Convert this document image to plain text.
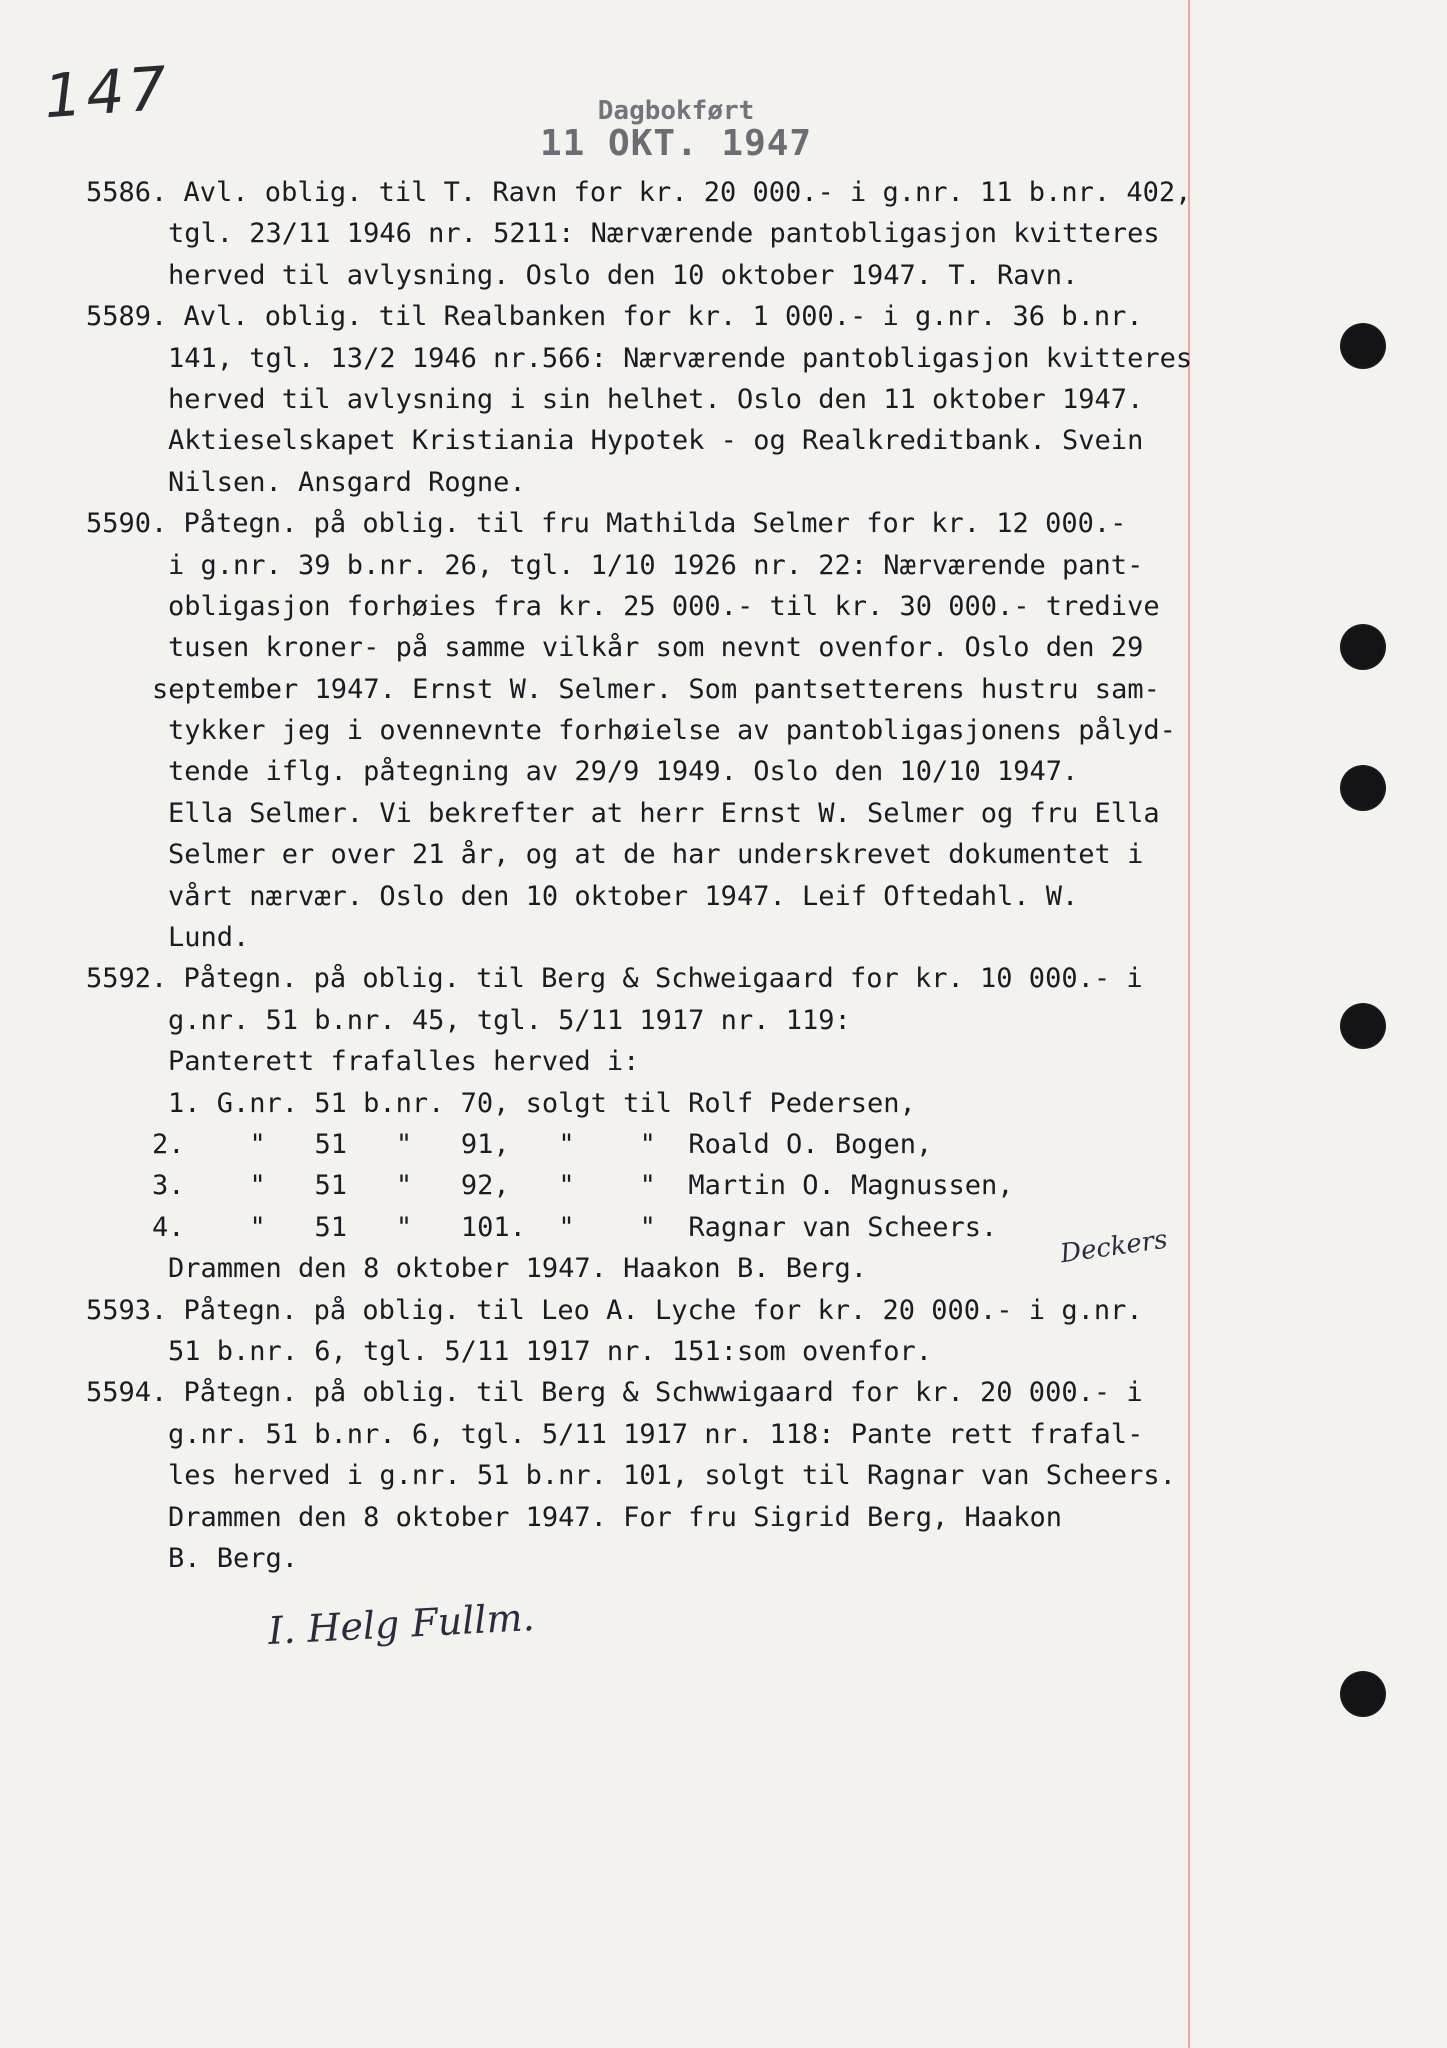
147	Dagbokført
11 OKT. 1947
5586. Avl. oblig. til T. Ravn for kr. 20 000.- i g.nr. 11 b.nr. 402,
tgl. 23/11 1946 nr. 5211: Nærværende pantobligasjon kvitteres
herved til avlysning. Oslo den 10 oktober 1947. T. Ravn.
5589. Avl. oblig. til Realbanken for kr. 1 000.- i g.nr. 36 b.nr.
141, tgl. 13/2 1946 nr.566: Nærværende pantobligasjon kvitteres
herved til avlysning i sin helhet. Oslo den 11 oktober 1947.
Aktieselskapet Kristiania Hypotek - og Realkreditbank. Svein
Nilsen. Ansgard Rogne.
5590. Påtegn. på oblig. til fru Mathilda Selmer for kr. 12 000.-
i g.nr. 39 b.nr. 26, tgl. 1/10 1926 nr. 22: Nærværende pant-
obligasjon forhøies fra kr. 25 000.- til kr. 30 000.- tredive
tusen kroner- på samme vilkår som nevnt ovenfor. Oslo den 29
september 1947. Ernst W. Selmer. Som pantsetterens hustru sam-
tykker jeg i ovennevnte forhøielse av pantobligasjonens pålyd-
tende iflg. påtegning av 29/9 1949. Oslo den 10/10 1947.
Ella Selmer. Vi bekrefter at herr Ernst W. Selmer og fru Ella
Selmer er over 21 år, og at de har underskrevet dokumentet i
vårt nærvær. Oslo den 10 oktober 1947. Leif Oftedahl. W.
Lund.
5592. Påtegn. på oblig. til Berg & Schweigaard for kr. 10 000.- i
g.nr. 51 b.nr. 45, tgl. 5/11 1917 nr. 119:
Panterett frafalles herved i:
1. G.nr. 51 b.nr. 70, solgt til Rolf Pedersen,
2.    "   51   "   91,   "    "  Roald O. Bogen,
3.    "   51   "   92,   "    "  Martin O. Magnussen,
4.    "   51   "   101.  "    "  Ragnar van Scheers.
Drammen den 8 oktober 1947. Haakon B. Berg.
5593. Påtegn. på oblig. til Leo A. Lyche for kr. 20 000.- i g.nr.
51 b.nr. 6, tgl. 5/11 1917 nr. 151:som ovenfor.
5594. Påtegn. på oblig. til Berg & Schwwigaard for kr. 20 000.- i
g.nr. 51 b.nr. 6, tgl. 5/11 1917 nr. 118: Pante rett frafal-
les herved i g.nr. 51 b.nr. 101, solgt til Ragnar van Scheers.
Drammen den 8 oktober 1947. For fru Sigrid Berg, Haakon
B. Berg.
Deckers
I. Helg Fullm.
